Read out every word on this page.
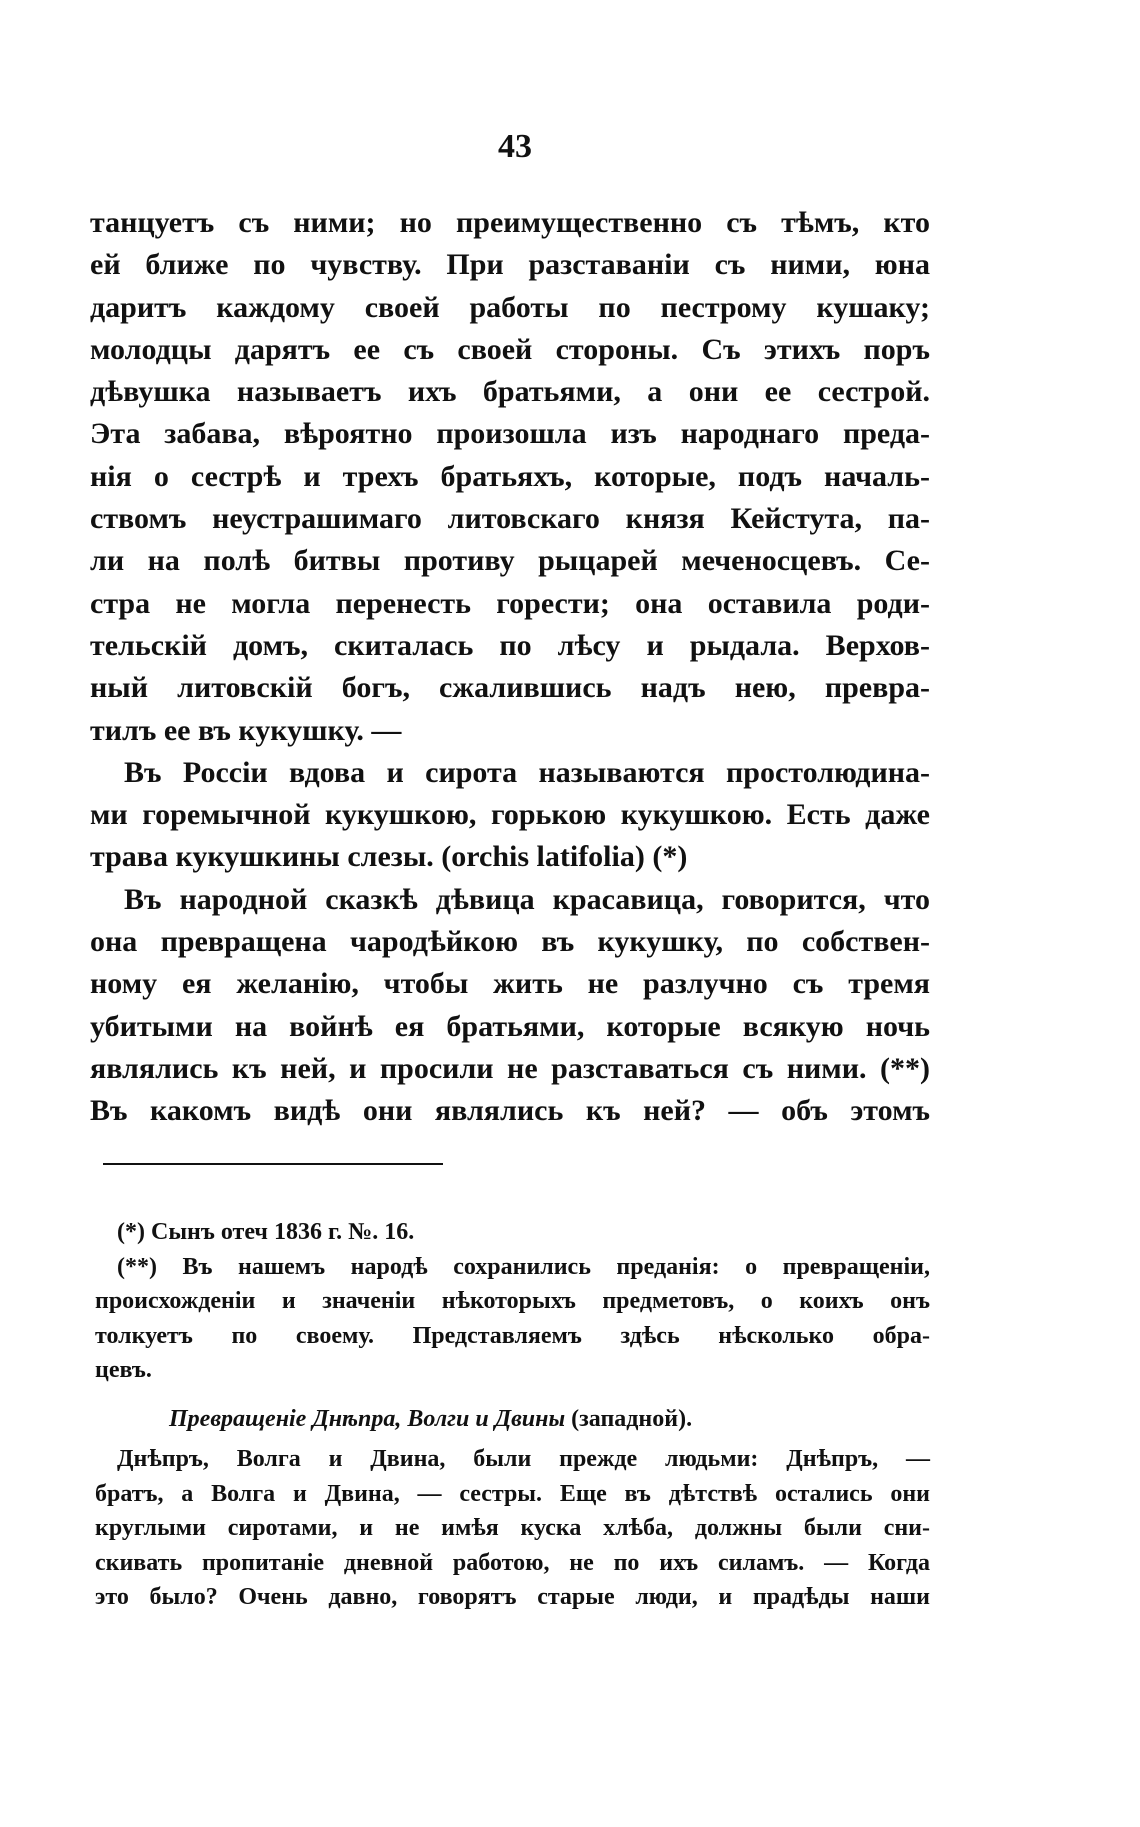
43
танцуетъ съ ними; но преимущественно съ тѣмъ, кто
ей ближе по чувству. При разставаніи съ ними, юна
даритъ каждому своей работы по пестрому кушаку;
молодцы дарятъ ее съ своей стороны. Съ этихъ поръ
дѣвушка называетъ ихъ братьями, а они ее сестрой.
Эта забава, вѣроятно произошла изъ народнаго преда-
нія о сестрѣ и трехъ братьяхъ, которые, подъ началь-
ствомъ неустрашимаго литовскаго князя Кейстута, па-
ли на полѣ битвы противу рыцарей меченосцевъ. Се-
стра не могла перенесть горести; она оставила роди-
тельскій домъ, скиталась по лѣсу и рыдала. Верхов-
ный литовскій богъ, сжалившись надъ нею, превра-
тилъ ее въ кукушку. —
Въ Россіи вдова и сирота называются простолюдина-
ми горемычной кукушкою, горькою кукушкою. Есть даже
трава кукушкины слезы. (orchis latifolia) (*)
Въ народной сказкѣ дѣвица красавица, говорится, что
она превращена чародѣйкою въ кукушку, по собствен-
ному ея желанію, чтобы жить не разлучно съ тремя
убитыми на войнѣ ея братьями, которые всякую ночь
являлись къ ней, и просили не разставаться съ ними. (**)
Въ какомъ видѣ они являлись къ ней? — объ этомъ
(*) Сынъ отеч 1836 г. №. 16.
(**) Въ нашемъ народѣ сохранились преданія: о превращеніи,
происхожденіи и значеніи нѣкоторыхъ предметовъ, о коихъ онъ
толкуетъ по своему. Представляемъ здѣсь нѣсколько обра-
цевъ.
Превращеніе Днѣпра, Волги и Двины (западной).
Днѣпръ, Волга и Двина, были прежде людьми: Днѣпръ, —
братъ, а Волга и Двина, — сестры. Еще въ дѣтствѣ остались они
круглыми сиротами, и не имѣя куска хлѣба, должны были сни-
скивать пропитаніе дневной работою, не по ихъ силамъ. — Когда
это было? Очень давно, говорятъ старые люди, и прадѣды наши
